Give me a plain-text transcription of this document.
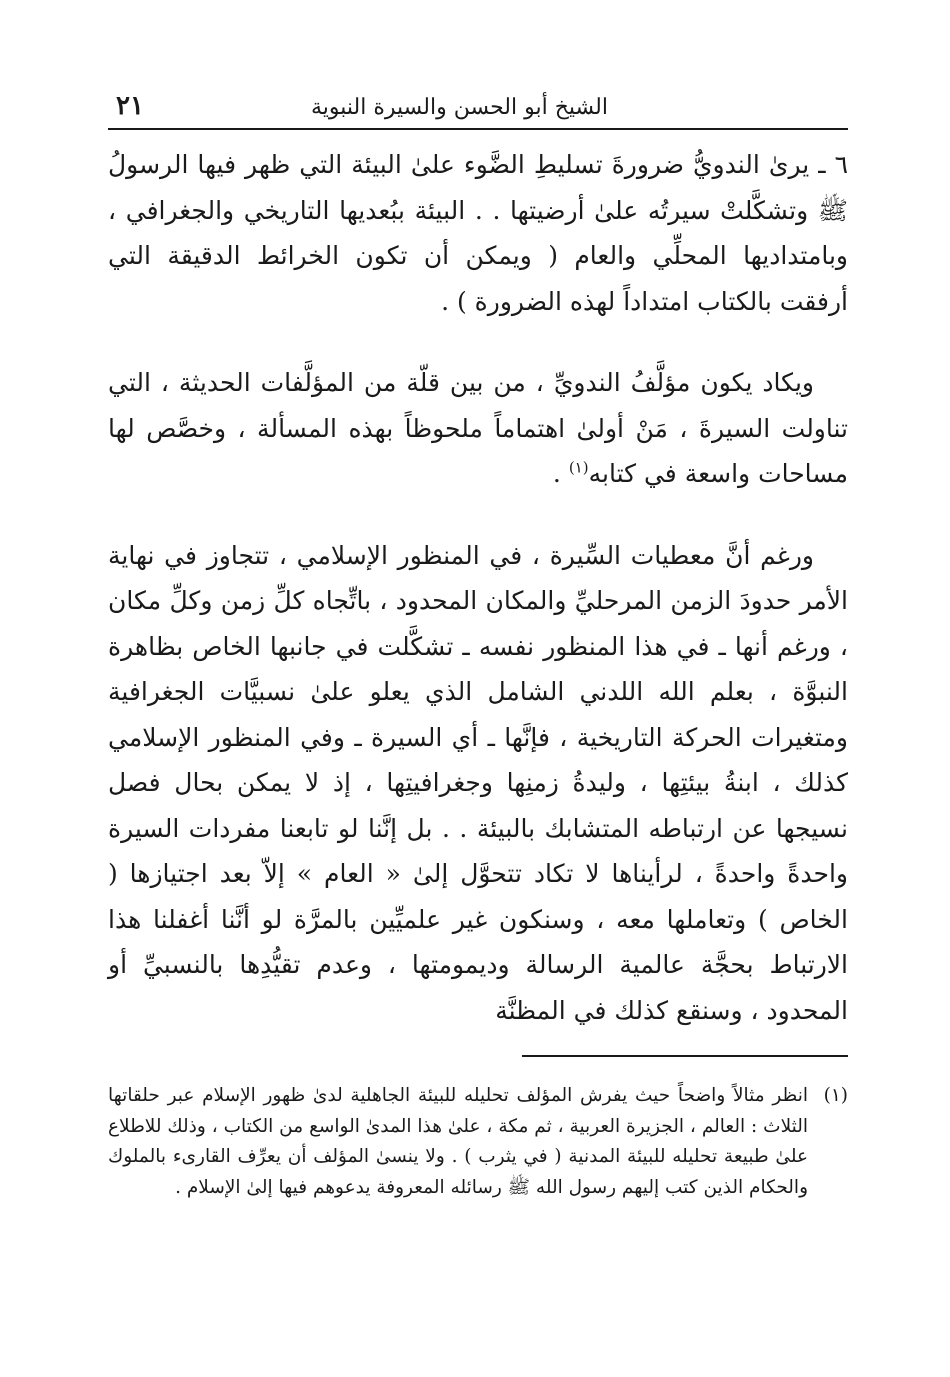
الشيخ أبو الحسن والسيرة النبوية
٢١

٦ ـ يرىٰ الندويُّ ضرورةَ تسليطِ الضَّوء علىٰ البيئة التي ظهر فيها الرسولُ ﷺ وتشكَّلتْ سيرتُه علىٰ أرضيتها . . البيئة ببُعديها التاريخي والجغرافي ، وبامتداديها المحلِّي والعام ( ويمكن أن تكون الخرائط الدقيقة التي أرفقت بالكتاب امتداداً لهذه الضرورة ) .

ويكاد يكون مؤلَّفُ الندويِّ ، من بين قلّة من المؤلَّفات الحديثة ، التي تناولت السيرةَ ، مَنْ أولىٰ اهتماماً ملحوظاً بهذه المسألة ، وخصَّص لها مساحات واسعة في كتابه$^{(١)}$ .

ورغم أنَّ معطيات السِّيرة ، في المنظور الإسلامي ، تتجاوز في نهاية الأمر حدودَ الزمن المرحليِّ والمكان المحدود ، باتِّجاه كلِّ زمن وكلِّ مكان ، ورغم أنها ـ في هذا المنظور نفسه ـ تشكَّلت في جانبها الخاص بظاهرة النبوَّة ، بعلم الله اللدني الشامل الذي يعلو علىٰ نسبيَّات الجغرافية ومتغيرات الحركة التاريخية ، فإنَّها ـ أي السيرة ـ وفي المنظور الإسلامي كذلك ، ابنةُ بيئتِها ، وليدةُ زمنِها وجغرافيتِها ، إذ لا يمكن بحال فصل نسيجها عن ارتباطه المتشابك بالبيئة . . بل إنَّنا لو تابعنا مفردات السيرة واحدةً واحدةً ، لرأيناها لا تكاد تتحوَّل إلىٰ « العام » إلاّ بعد اجتيازها ( الخاص ) وتعاملها معه ، وسنكون غير علميِّين بالمرَّة لو أنَّنا أغفلنا هذا الارتباط بحجَّة عالمية الرسالة وديمومتها ، وعدم تقيُّدِها بالنسبيِّ أو المحدود ، وسنقع كذلك في المظنَّة

(١)
انظر مثالاً واضحاً حيث يفرش المؤلف تحليله للبيئة الجاهلية لدىٰ ظهور الإسلام عبر حلقاتها الثلاث : العالم ، الجزيرة العربية ، ثم مكة ، علىٰ هذا المدىٰ الواسع من الكتاب ، وذلك للاطلاع علىٰ طبيعة تحليله للبيئة المدنية ( في يثرب ) . ولا ينسىٰ المؤلف أن يعرِّف القارىء بالملوك والحكام الذين كتب إليهم رسول الله ﷺ رسائله المعروفة يدعوهم فيها إلىٰ الإسلام .
